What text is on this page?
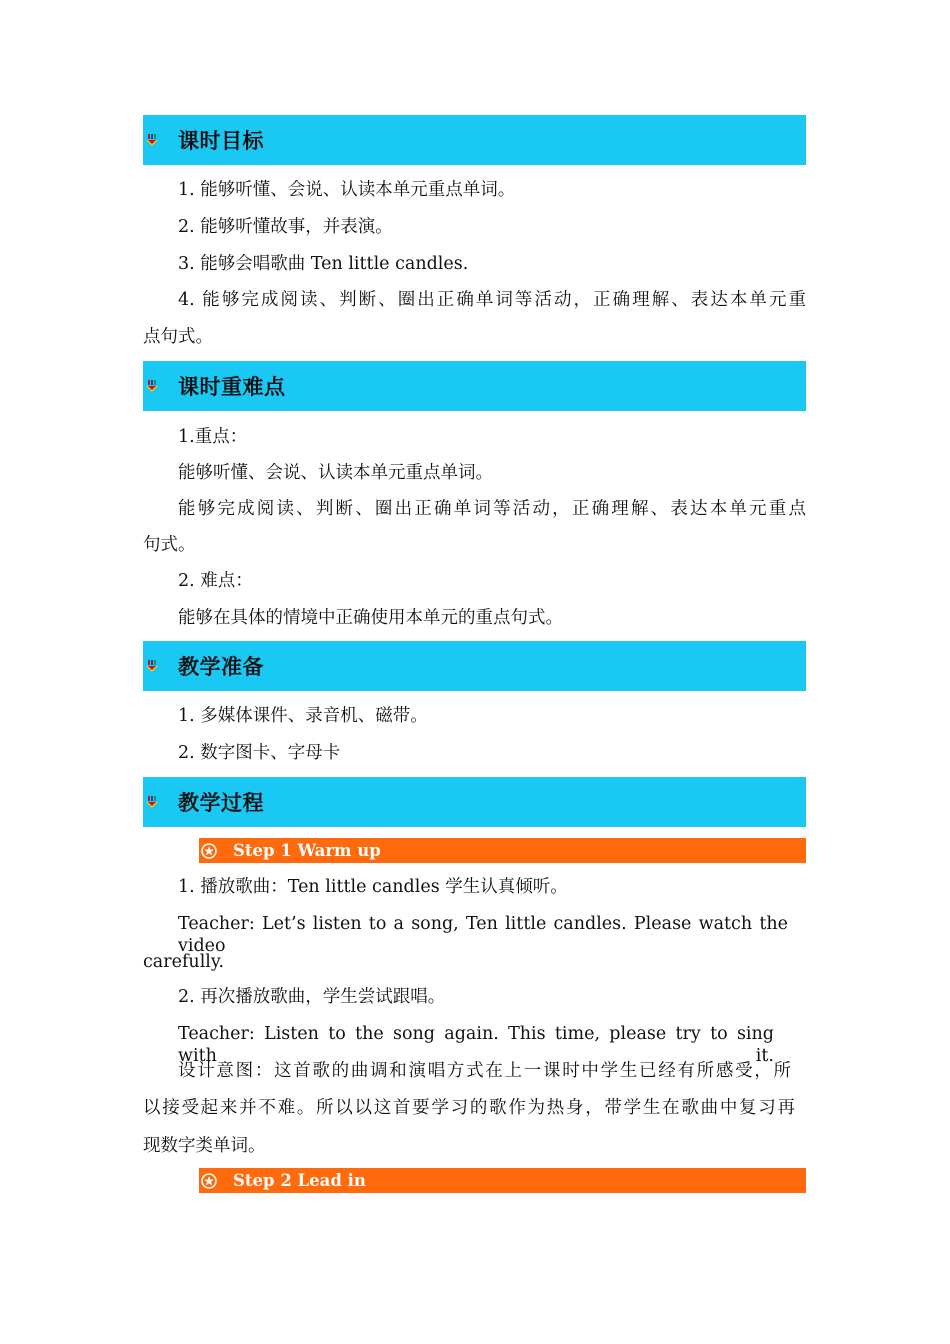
课时目标
1. 能够听懂、会说、认读本单元重点单词。
2. 能够听懂故事，并表演。
3. 能够会唱歌曲 Ten little candles.
4. 能够完成阅读、判断、圈出正确单词等活动，正确理解、表达本单元重
点句式。
课时重难点
1.重点：
能够听懂、会说、认读本单元重点单词。
能够完成阅读、判断、圈出正确单词等活动，正确理解、表达本单元重点
句式。
2. 难点：
能够在具体的情境中正确使用本单元的重点句式。
教学准备
1. 多媒体课件、录音机、磁带。
2. 数字图卡、字母卡
教学过程
Step 1 Warm up
1. 播放歌曲：Ten little candles 学生认真倾听。
Teacher: Let’s listen to a song, Ten little candles. Please watch the video
carefully.
2. 再次播放歌曲，学生尝试跟唱。
Teacher: Listen to the song again. This time, please try to sing with it.
设计意图：这首歌的曲调和演唱方式在上一课时中学生已经有所感受，所
以接受起来并不难。所以以这首要学习的歌作为热身，带学生在歌曲中复习再
现数字类单词。
Step 2 Lead in
